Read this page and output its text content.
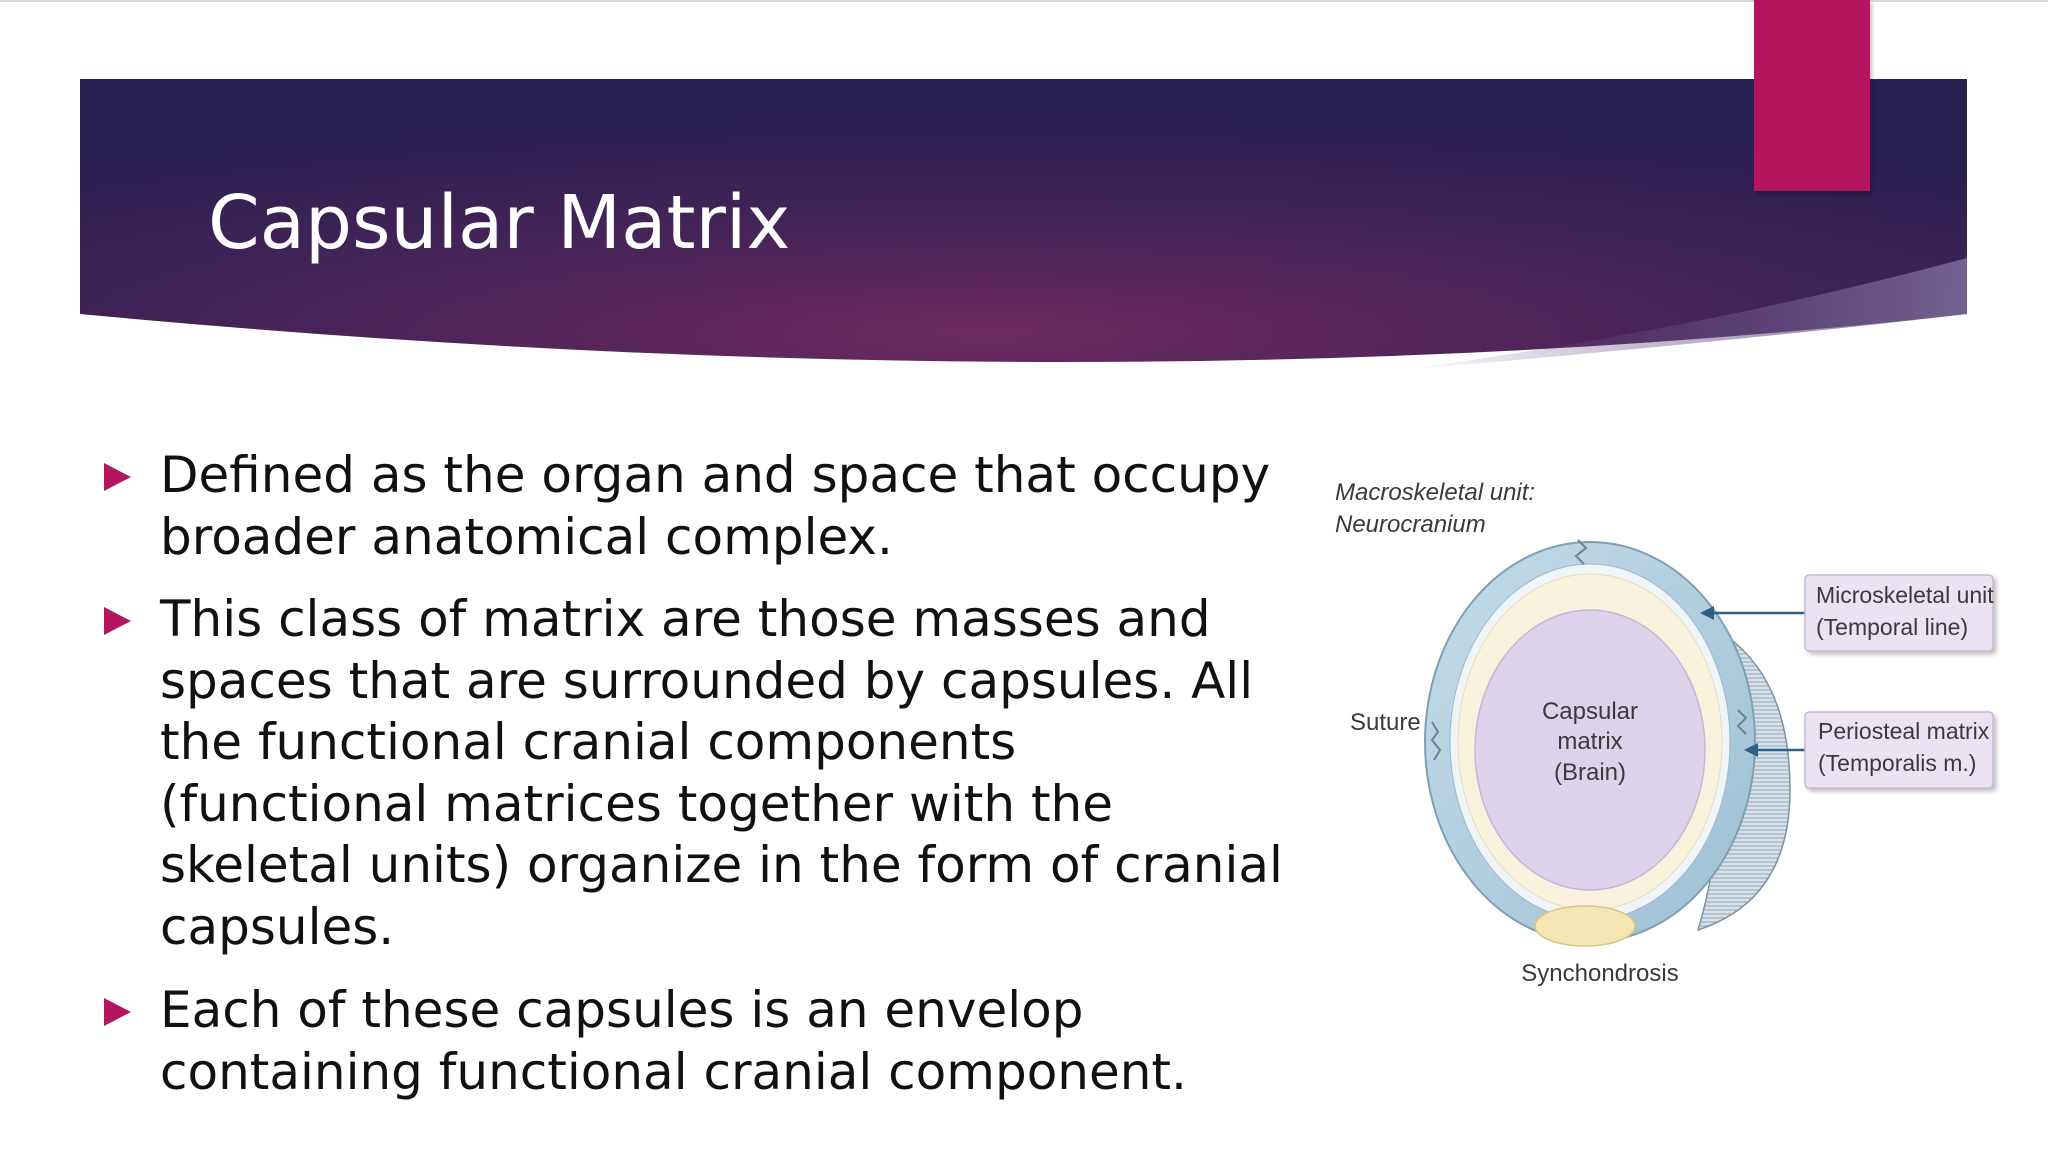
Capsular Matrix

Defined as the organ and space that occupy
broader anatomical complex.

This class of matrix are those masses and
spaces that are surrounded by capsules. All
the functional cranial components
(functional matrices together with the
skeletal units) organize in the form of cranial
capsules.

Each of these capsules is an envelop
containing functional cranial component.

Macroskeletal unit:
Neurocranium
Suture	Capsular
matrix
(Brain)
Synchondrosis
Microskeletal unit
(Temporal line)
Periosteal matrix
(Temporalis m.)
